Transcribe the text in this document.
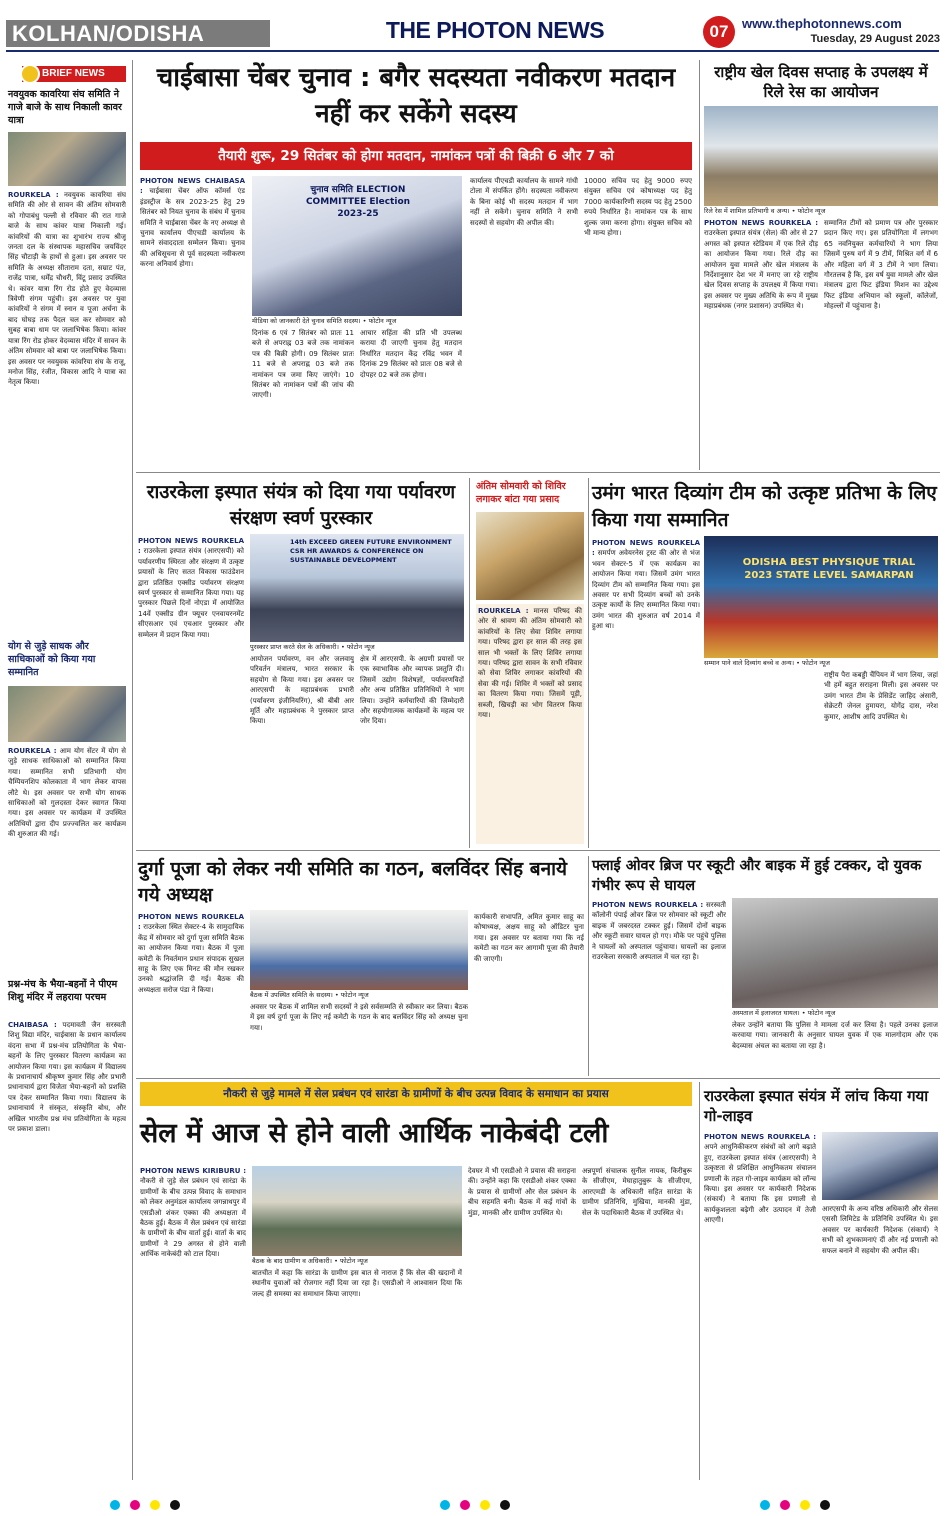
KOLHAN/ODISHA	THE PHOTON NEWS	07	www.thephotonnews.com
Tuesday, 29 August 2023
BRIEF NEWS
नवयुवक कावरिया संघ समिति ने गाजे बाजे के साथ निकाली कावर यात्रा
ROURKELA : नवयुवक कावरिया संघ समिति की ओर से सावन की अंतिम सोमवारी को गोपाबंधु पल्ली से रविवार की रात गाजे बाजे के साथ कांवर यात्रा निकाली गई। कांवरियों की यात्रा का शुभारंभ राज्य श्रीजू जनता दल के संस्थापक महासचिव जयविंदर सिंह चौटाड़ी के हाथों से हुआ। इस अवसर पर समिति के अध्यक्ष सीताराम दता, सम्राट पंत, राजेंद्र पात्रा, धर्मेंद्र चौधरी, विंटू प्रसाद उपस्थित थे। कांवर यात्रा रिंग रोड होते हुए वेदव्यास त्रिवेणी संगम पहुंची। इस अवसर पर युवा कांवरियों ने संगम में स्नान व पूजा अर्चना के बाद घोघड़ तक पैदल चल कर सोमवार को सुबह बाबा धाम पर जलाभिषेक किया। कांवर यात्रा रिंग रोड होकर वेदव्यास मंदिर में सावन के अंतिम सोमवार को बाबा पर जलाभिषेक किया। इस अवसर पर नवयुवक कांवरिया संघ के राजू, मनोज सिंह, रंजीत, विकास आदि ने यात्रा का नेतृत्व किया।
योग से जुड़े साधक और साधिकाओं को किया गया सम्मानित
ROURKELA : आम योग सेंटर में योग से जुड़े साधक साधिकाओं को सम्मानित किया गया। सम्मानित सभी प्रतिभागी योग चैम्पियनशिप कोलकाता में भाग लेकर वापस लौटे थे। इस अवसर पर सभी योग साधक साधिकाओं को गुलदस्ता देकर स्वागत किया गया। इस अवसर पर कार्यक्रम में उपस्थित अतिथियों द्वारा दीप प्रज्ज्वलित कर कार्यक्रम की शुरुआत की गई।
प्रश्न-मंच के भैया-बहनों ने पीएम शिशु मंदिर में लहराया परचम
CHAIBASA : पदमावती जैन सरस्वती शिशु विद्या मंदिर, चाईबासा के प्रधान कार्यालय वंदना सभा में प्रश्न-मंच प्रतियोगिता के भैया-बहनों के लिए पुरस्कार वितरण कार्यक्रम का आयोजन किया गया। इस कार्यक्रम में विद्यालय के प्रधानाचार्य श्रीकृष्ण कुमार सिंह और प्रभारी प्रधानाचार्य द्वारा विजेता भैया-बहनों को प्रशस्ति पत्र देकर सम्मानित किया गया। विद्यालय के प्रधानाचार्य ने संस्कृत, संस्कृति बोध, और अखिल भारतीय प्रश्न मंच प्रतियोगिता के महत्व पर प्रकाश डाला।
चाईबासा चेंबर चुनाव : बगैर सदस्यता नवीकरण मतदान नहीं कर सकेंगे सदस्य
तैयारी शुरू, 29 सितंबर को होगा मतदान, नामांकन पत्रों की बिक्री 6 और 7 को
PHOTON NEWS CHAIBASA : चाईबासा चेंबर ऑफ कॉमर्स एंड इंडस्ट्रीज के सत्र 2023-25 हेतु 29 सितंबर को नियत चुनाव के संबंध में चुनाव समिति ने चाईबासा चेंबर के नए अध्यक्ष से चुनाव कार्यालय पीएचडी कार्यालय के सामने संवाददाता सम्मेलन किया। चुनाव की अधिसूचना से पूर्व सदस्यता नवीकरण करना अनिवार्य होगा।
चुनाव समिति ELECTION COMMITTEE Election 2023-25
मीडिया को जानकारी देते चुनाव समिति सदस्य। • फोटोन न्यूज
दिनांक 6 एवं 7 सितंबर को प्रातः 11 बजे से अपराह्न 03 बजे तक नामांकन पत्र की बिक्री होगी। 09 सितंबर प्रातः 11 बजे से अपराह्न 03 बजे तक नामांकन पत्र जमा किए जाएंगे। 10 सितंबर को नामांकन पत्रों की जांच की जाएगी।
आचार सहिंता की प्रति भी उपलब्ध कराया दी जाएगी चुनाव हेतु मतदान निर्धारित मतदान केंद्र रविंद्र भवन में दिनांक 29 सितंबर को प्रातः 08 बजे से दोपहर 02 बजे तक होगा।
कार्यालय पीएचडी कार्यालय के सामने गांधी टोला में संपर्कित होंगे। सदस्यता नवीकरण के बिना कोई भी सदस्य मतदान में भाग नहीं ले सकेंगे। चुनाव समिति ने सभी सदस्यों से सहयोग की अपील की।
10000 सचिव पद हेतु 9000 रुपए संयुक्त सचिव एवं कोषाध्यक्ष पद हेतु 7000 कार्यकारिणी सदस्य पद हेतु 2500 रुपये निर्धारित है। नामांकन पत्र के साथ शुल्क जमा करना होगा। संयुक्त सचिव को भी मान्य होगा।
राष्ट्रीय खेल दिवस सप्ताह के उपलक्ष्य में रिले रेस का आयोजन
रिले रेस में शामिल प्रतिभागी व अन्य। • फोटोन न्यूज
PHOTON NEWS ROURKELA : राउरकेला इस्पात संयंत्र (सेल) की ओर से 27 अगस्त को इस्पात स्टेडियम में एक रिले दौड़ का आयोजन किया गया। रिले दौड़ का आयोजन युवा मामले और खेल मंत्रालय के निर्देशानुसार देश भर में मनाए जा रहे राष्ट्रीय खेल दिवस सप्ताह के उपलक्ष्य में किया गया। इस अवसर पर मुख्य अतिथि के रूप में मुख्य महाप्रबंधक (नगर प्रशासन) उपस्थित थे।
सम्मानित टीमों को प्रमाण पत्र और पुरस्कार प्रदान किए गए। इस प्रतियोगिता में लगभग 65 नवनियुक्त कर्मचारियों ने भाग लिया जिसमें पुरुष वर्ग में 9 टीमें, मिश्रित वर्ग में 6 और महिला वर्ग में 3 टीमें ने भाग लिया। गौरतलब है कि, इस वर्ष युवा मामले और खेल मंत्रालय द्वारा फिट इंडिया मिशन का उद्देश्य फिट इंडिया अभियान को स्कूलों, कॉलेजों, मोहल्लों में पहुंचाना है।
राउरकेला इस्पात संयंत्र को दिया गया पर्यावरण संरक्षण स्वर्ण पुरस्कार
PHOTON NEWS ROURKELA : राउरकेला इस्पात संयंत्र (आरएसपी) को पर्यावरणीय स्थिरता और संरक्षण में उत्कृष्ट प्रयासों के लिए सतत विकास फाउंडेशन द्वारा प्रतिष्ठित एक्सीड पर्यावरण संरक्षण स्वर्ण पुरस्कार से सम्मानित किया गया। यह पुरस्कार पिछले दिनों नोएडा में आयोजित 14वें एक्सीड ग्रीन फ्यूचर एनवायरनमेंट सीएसआर एवं एचआर पुरस्कार और सम्मेलन में प्रदान किया गया।
14th EXCEED GREEN FUTURE ENVIRONMENT CSR HR AWARDS & CONFERENCE ON SUSTAINABLE DEVELOPMENT
पुरस्कार प्राप्त करते सेल के अधिकारी। • फोटोन न्यूज
आयोजन पर्यावरण, वन और जलवायु परिवर्तन मंत्रालय, भारत सरकार के सहयोग से किया गया। इस अवसर पर आरएसपी के महाप्रबंधक प्रभारी (पर्यावरण इंजीनियरिंग), श्री बीबी आर मूर्ति और महाप्रबंधक ने पुरस्कार प्राप्त किया।
क्षेत्र में आरएसपी. के अग्रणी प्रयासों पर एक स्वाभाविक और व्यापक प्रस्तुति दी। जिसमें उद्योग विशेषज्ञों, पर्यावरणविदों और अन्य प्रतिष्ठित प्रतिनिधियों ने भाग लिया। उन्होंने कर्मचारियों की जिम्मेदारी और सहयोगात्मक कार्यक्रमों के महत्व पर जोर दिया।
अंतिम सोमवारी को शिविर लगाकर बांटा गया प्रसाद
ROURKELA : मानस परिषद की ओर से श्रावण की अंतिम सोमवारी को कांवरियों के लिए सेवा शिविर लगाया गया। परिषद द्वारा हर साल की तरह इस साल भी भक्तों के लिए शिविर लगाया गया। परिषद द्वारा सावन के सभी रविवार को सेवा शिविर लगाकर कांवरियों की सेवा की गई। शिविर में भक्तों को प्रसाद का वितरण किया गया। जिसमें पूड़ी, सब्जी, खिचड़ी का भोग वितरण किया गया।
उमंग भारत दिव्यांग टीम को उत्कृष्ट प्रतिभा के लिए किया गया सम्मानित
PHOTON NEWS ROURKELA : समर्पण अवेयरनेस ट्रस्ट की ओर से भंज भवन सेक्टर-5 में एक कार्यक्रम का आयोजन किया गया। जिसमें उमंग भारत दिव्यांग टीम को सम्मानित किया गया। इस अवसर पर सभी दिव्यांग बच्चों को उनके उत्कृष्ट कार्यों के लिए सम्मानित किया गया। उमंग भारत की शुरुआत वर्ष 2014 में हुआ था।
ODISHA BEST PHYSIQUE TRIAL 2023 STATE LEVEL SAMARPAN
सम्मान पाने वाले दिव्यांग बच्चे व अन्य। • फोटोन न्यूज
राष्ट्रीय पैरा कबड्डी चैंपियन में भाग लिया, जहां भी हमें बहुत सराहना मिली। इस अवसर पर उमंग भारत टीम के प्रेसिडेंट जाहिद अंसारी, सेक्रेटरी जेनल हुमायरा, योगेंद्र दास, नरेश कुमार, आशीष आदि उपस्थित थे।
दुर्गा पूजा को लेकर नयी समिति का गठन, बलविंदर सिंह बनाये गये अध्यक्ष
PHOTON NEWS ROURKELA : राउरकेला स्थित सेक्टर-4 के सामुदायिक केंद्र में सोमवार को दुर्गा पूजा समिति बैठक का आयोजन किया गया। बैठक में पूजा कमेटी के निवर्तमान प्रधान संपादक सुखल साहू के लिए एक मिनट की मौन रखकर उनको श्रद्धांजलि दी गई। बैठक की अध्यक्षता सरोज पंडा ने किया।
बैठक में उपस्थित समिति के सदस्य। • फोटोन न्यूज
अवसर पर बैठक में शामिल सभी सदस्यों ने इसे सर्वसम्मति से स्वीकार कर लिया। बैठक में इस वर्ष दुर्गा पूजा के लिए नई कमेटी के गठन के बाद बलविंदर सिंह को अध्यक्ष चुना गया।
कार्यकारी सभापति, अमित कुमार साहू का कोषाध्यक्ष, अक्षय साहू को ऑडिटर चुना गया। इस अवसर पर बताया गया कि नई कमेटी का गठन कर आगामी पूजा की तैयारी की जाएगी।
फ्लाई ओवर ब्रिज पर स्कूटी और बाइक में हुई टक्कर, दो युवक गंभीर रूप से घायल
PHOTON NEWS ROURKELA : सरस्वती कॉलोनी पंपाई ओवर ब्रिज पर सोमवार को स्कूटी और बाइक में जबरदस्त टक्कर हुई। जिसमें दोनों बाइक और स्कूटी सवार घायल हो गए। मौके पर पहुंचे पुलिस ने घायलों को अस्पताल पहुंचाया। घायलों का इलाज राउरकेला सरकारी अस्पताल में चल रहा है।
अस्पताल में इलाजरत घायल। • फोटोन न्यूज
लेकर उन्होंने बताया कि पुलिस ने मामला दर्ज कर लिया है। पहले उनका इलाज करवाया गया। जानकारी के अनुसार घायल युवक में एक मालगोदाम और एक बेदव्यास अंचल का बताया जा रहा है।
नौकरी से जुड़े मामले में सेल प्रबंधन एवं सारंडा के ग्रामीणों के बीच उत्पन्न विवाद के समाधान का प्रयास
सेल में आज से होने वाली आर्थिक नाकेबंदी टली
PHOTON NEWS KIRIBURU : नौकरी से जुड़े सेल प्रबंधन एवं सारंडा के ग्रामीणों के बीच उत्पन्न विवाद के समाधान को लेकर अनुमंडल कार्यालय जगन्नाथपुर में एसडीओ शंकर एक्का की अध्यक्षता में बैठक हुई। बैठक में सेल प्रबंधन एवं सारंडा के ग्रामीणों के बीच वार्ता हुई। वार्ता के बाद ग्रामीणों ने 29 अगस्त से होने वाली आर्थिक नाकेबंदी को टाल दिया।
बैठक के बाद ग्रामीण व अधिकारी। • फोटोन न्यूज
बातचीत में कहा कि सारंडा के ग्रामीण इस बात से नाराज हैं कि सेल की खदानों में स्थानीय युवाओं को रोजगार नहीं दिया जा रहा है। एसडीओ ने आश्वासन दिया कि जल्द ही समस्या का समाधान किया जाएगा।
देवघर में भी एसडीओ ने प्रयास की सराहना की। उन्होंने कहा कि एसडीओ शंकर एक्का के प्रयास से ग्रामीणों और सेल प्रबंधन के बीच सहमति बनी। बैठक में कई गांवों के मुंडा, मानकी और ग्रामीण उपस्थित थे।
अन्नपूर्णा संचालक सुनील नायक, किरीबुरू के सीजीएम, मेघाहातुबुरू के सीजीएम, आरएमडी के अधिकारी सहित सारंडा के ग्रामीण प्रतिनिधि, मुखिया, मानकी मुंडा, सेल के पदाधिकारी बैठक में उपस्थित थे।
राउरकेला इस्पात संयंत्र में लांच किया गया गो-लाइव
PHOTON NEWS ROURKELA : अपने आधुनिकीकरण संबंधों को आगे बढ़ाते हुए, राउरकेला इस्पात संयंत्र (आरएसपी) ने उत्कृष्टता से प्रशिक्षित आधुनिकतम संचालन प्रणाली के तहत गो-लाइव कार्यक्रम को लॉन्च किया। इस अवसर पर कार्यकारी निदेशक (संकार्य) ने बताया कि इस प्रणाली से कार्यकुशलता बढ़ेगी और उत्पादन में तेजी आएगी।
आरएसपी के अन्य वरिष्ठ अधिकारी और सेलस एससी लिमिटेड के प्रतिनिधि उपस्थित थे। इस अवसर पर कार्यकारी निदेशक (संकार्य) ने सभी को शुभकामनाएं दीं और नई प्रणाली को सफल बनाने में सहयोग की अपील की।
